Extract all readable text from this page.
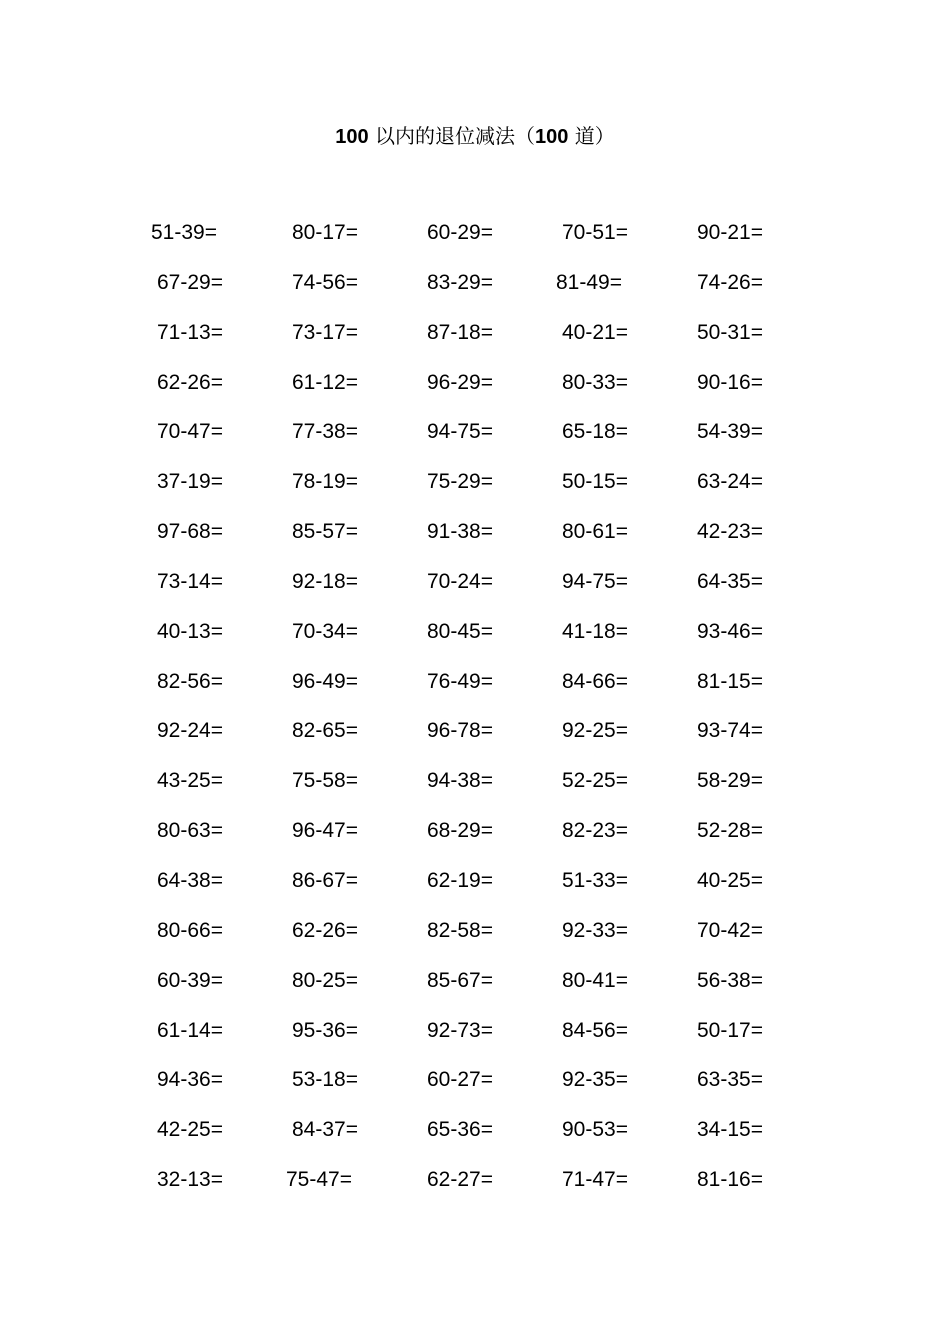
100 以内的退位减法（100 道）
51-39=	80-17=	60-29=	70-51=	90-21=
67-29=	74-56=	83-29=	81-49=	74-26=
71-13=	73-17=	87-18=	40-21=	50-31=
62-26=	61-12=	96-29=	80-33=	90-16=
70-47=	77-38=	94-75=	65-18=	54-39=
37-19=	78-19=	75-29=	50-15=	63-24=
97-68=	85-57=	91-38=	80-61=	42-23=
73-14=	92-18=	70-24=	94-75=	64-35=
40-13=	70-34=	80-45=	41-18=	93-46=
82-56=	96-49=	76-49=	84-66=	81-15=
92-24=	82-65=	96-78=	92-25=	93-74=
43-25=	75-58=	94-38=	52-25=	58-29=
80-63=	96-47=	68-29=	82-23=	52-28=
64-38=	86-67=	62-19=	51-33=	40-25=
80-66=	62-26=	82-58=	92-33=	70-42=
60-39=	80-25=	85-67=	80-41=	56-38=
61-14=	95-36=	92-73=	84-56=	50-17=
94-36=	53-18=	60-27=	92-35=	63-35=
42-25=	84-37=	65-36=	90-53=	34-15=
32-13=	75-47=	62-27=	71-47=	81-16=
